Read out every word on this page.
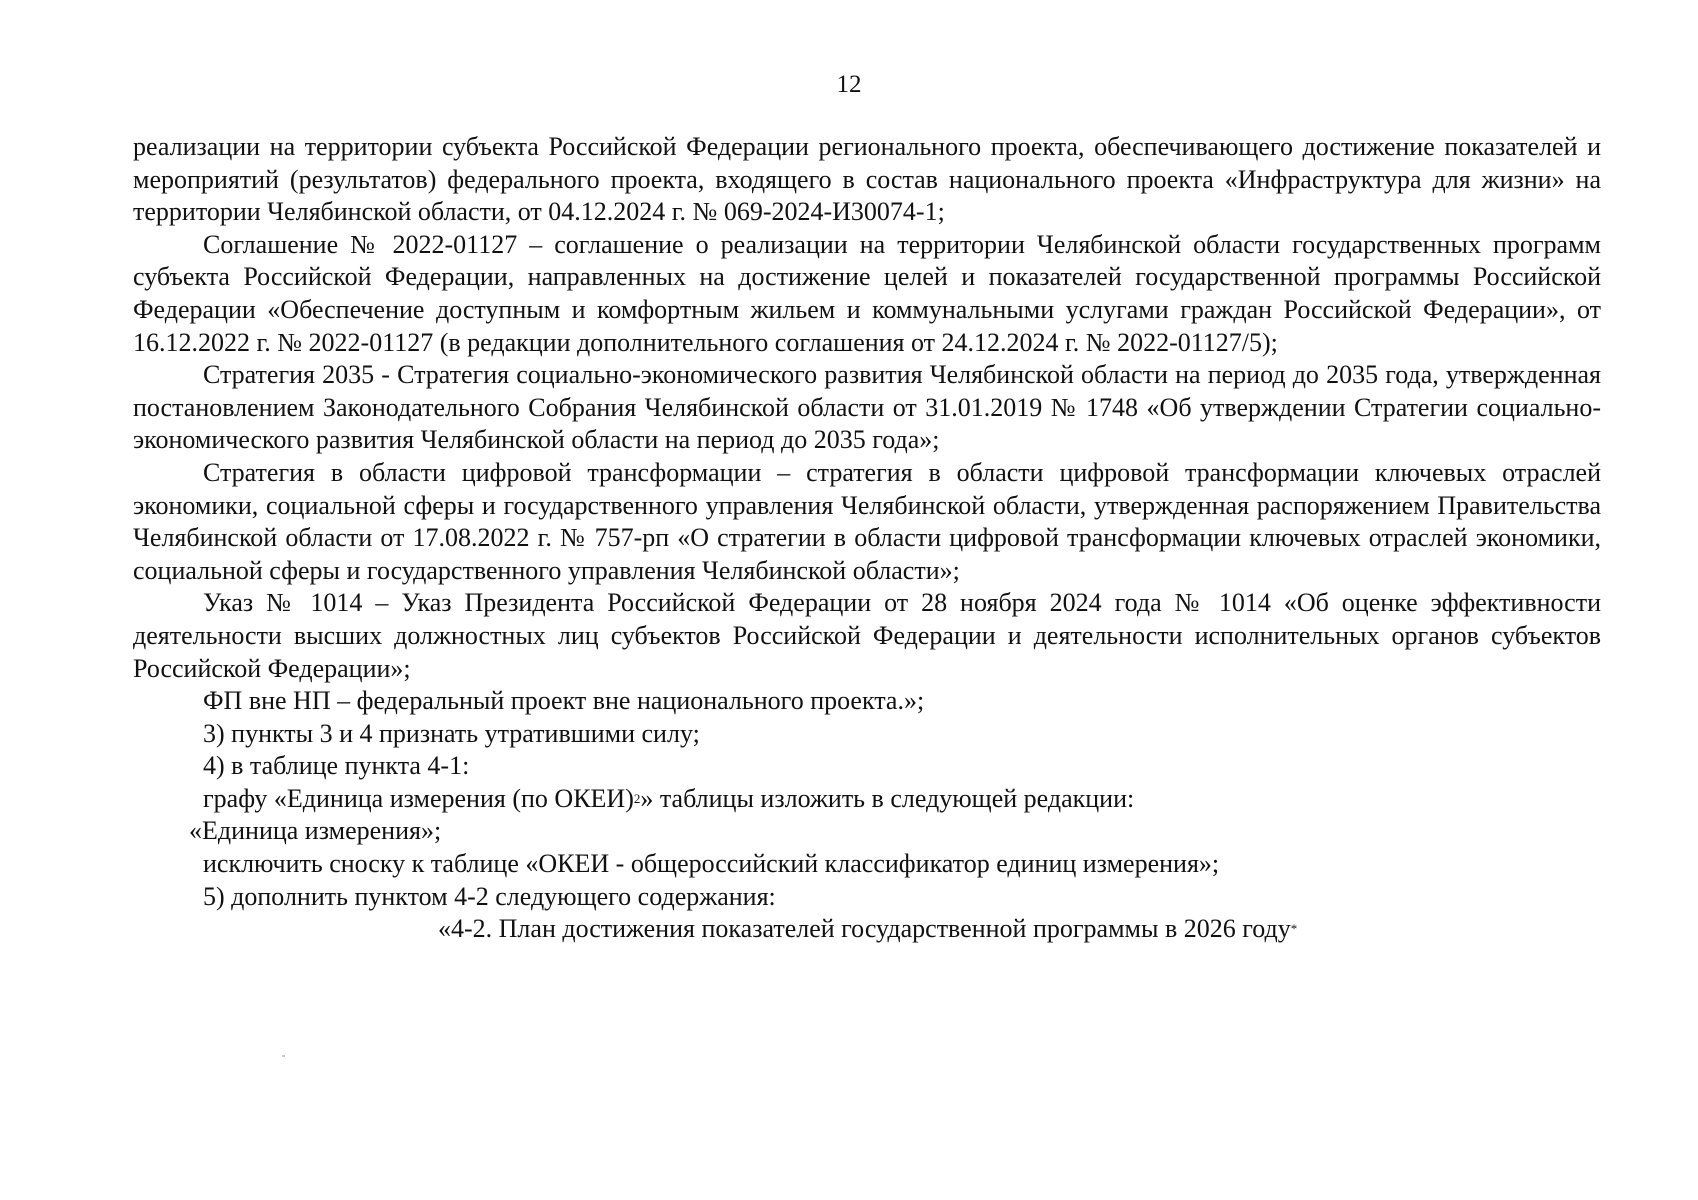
12

реализации на территории субъекта Российской Федерации регионального проекта, обеспечивающего достижение показателей и мероприятий (результатов) федерального проекта, входящего в состав национального проекта «Инфраструктура для жизни» на территории Челябинской области, от 04.12.2024 г. № 069-2024-И30074-1;

Соглашение № 2022-01127 – соглашение о реализации на территории Челябинской области государственных программ субъекта Российской Федерации, направленных на достижение целей и показателей государственной программы Российской Федерации «Обеспечение доступным и комфортным жильем и коммунальными услугами граждан Российской Федерации», от 16.12.2022 г. № 2022-01127 (в редакции дополнительного соглашения от 24.12.2024 г. № 2022-01127/5);

Стратегия 2035 - Стратегия социально-экономического развития Челябинской области на период до 2035 года, утвержденная постановлением Законодательного Собрания Челябинской области от 31.01.2019 № 1748 «Об утверждении Стратегии социально-экономического развития Челябинской области на период до 2035 года»;

Стратегия в области цифровой трансформации – стратегия в области цифровой трансформации ключевых отраслей экономики, социальной сферы и государственного управления Челябинской области, утвержденная распоряжением Правительства Челябинской области от 17.08.2022 г. № 757-рп «О стратегии в области цифровой трансформации ключевых отраслей экономики, социальной сферы и государственного управления Челябинской области»;

Указ № 1014 – Указ Президента Российской Федерации от 28 ноября 2024 года № 1014 «Об оценке эффективности деятельности высших должностных лиц субъектов Российской Федерации и деятельности исполнительных органов субъектов Российской Федерации»;

ФП вне НП – федеральный проект вне национального проекта.»;

3) пункты 3 и 4 признать утратившими силу;

4) в таблице пункта 4-1:

графу «Единица измерения (по ОКЕИ)$^2$» таблицы изложить в следующей редакции:

«Единица измерения»;

исключить сноску к таблице «ОКЕИ - общероссийский классификатор единиц измерения»;

5) дополнить пунктом 4-2 следующего содержания:

«4-2. План достижения показателей государственной программы в 2026 году*
